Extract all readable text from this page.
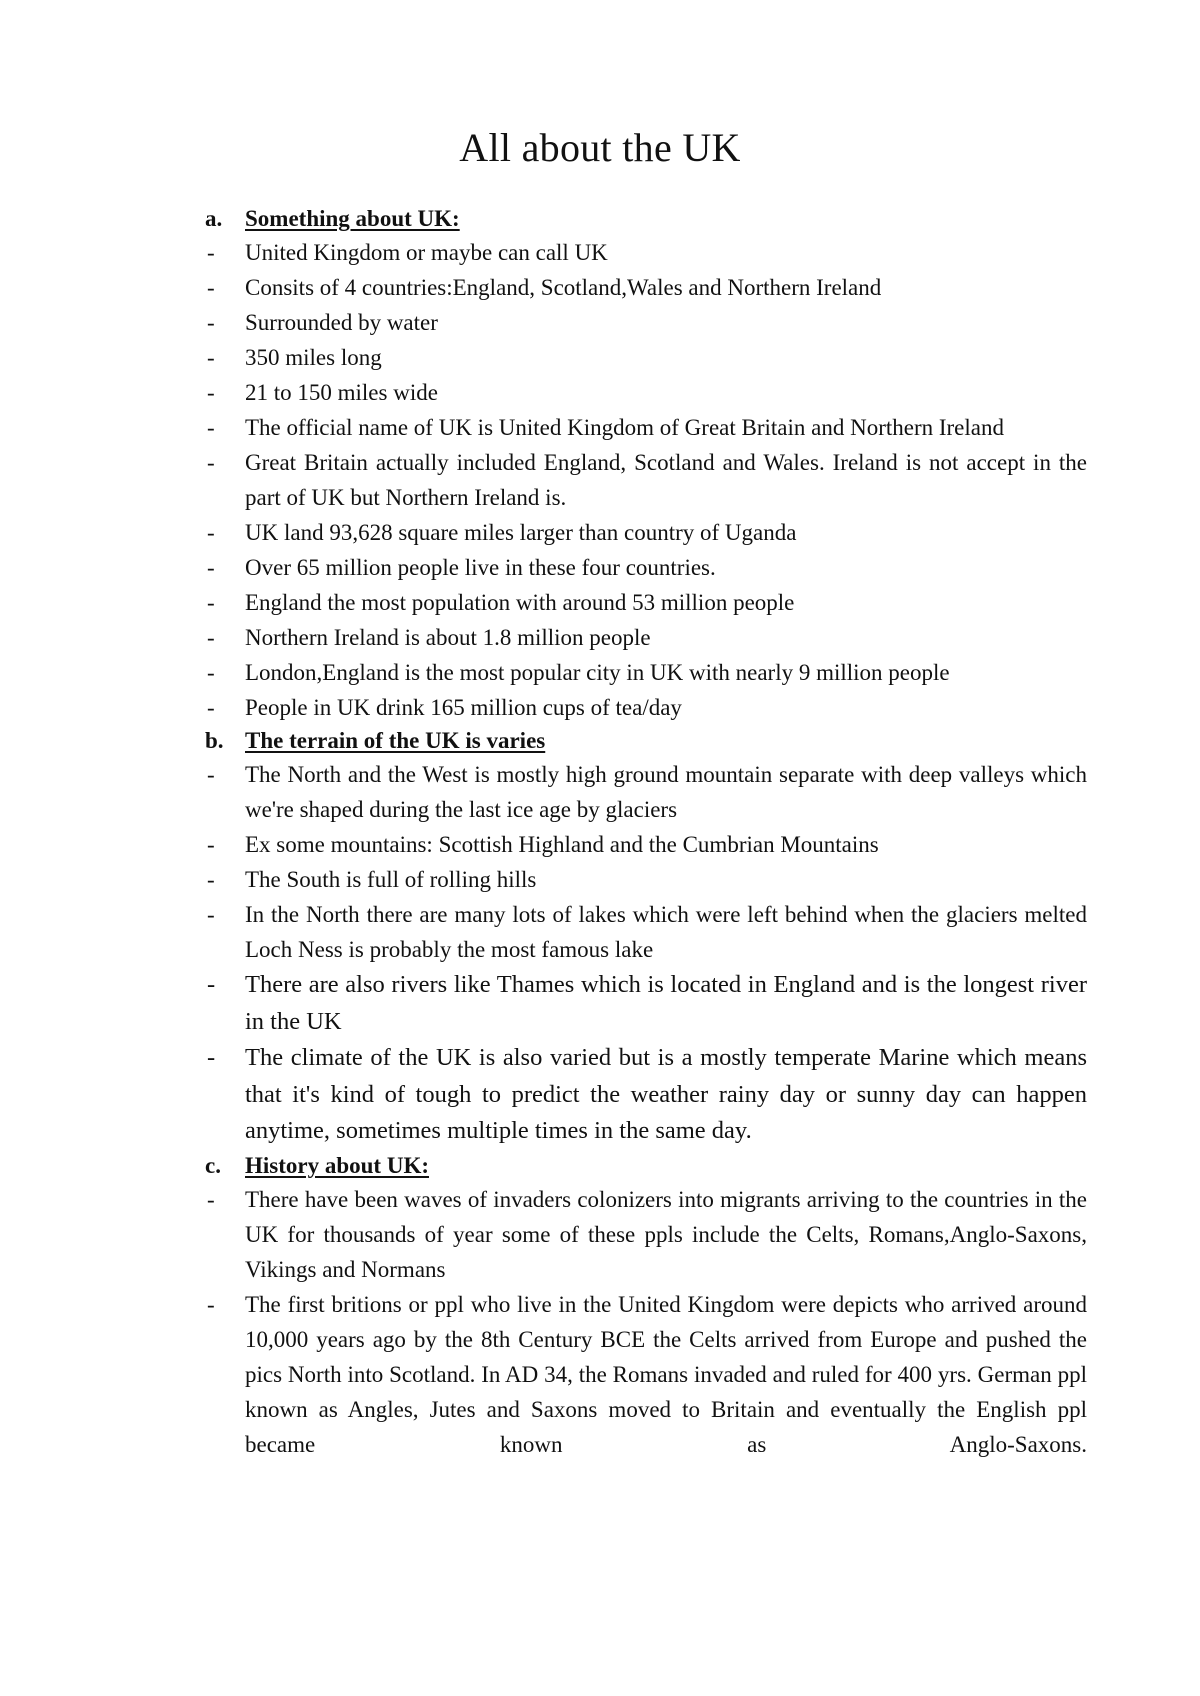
All about the UK
a. Something about UK:
- United Kingdom or maybe can call UK
- Consits of 4 countries:England, Scotland,Wales and Northern Ireland
- Surrounded by water
- 350 miles long
- 21 to 150 miles wide
- The official name of UK is United Kingdom of Great Britain and Northern Ireland
- Great Britain actually included England, Scotland and Wales. Ireland is not accept in the part of UK but Northern Ireland is.
- UK land 93,628 square miles larger than country of Uganda
- Over 65 million people live in these four countries.
- England the most population with around 53 million people
- Northern Ireland is about 1.8 million people
- London,England is the most popular city in UK with nearly 9 million people
- People in UK drink 165 million cups of tea/day
b. The terrain of the UK is varies
- The North and the West is mostly high ground mountain separate with deep valleys which we're shaped during the last ice age by glaciers
- Ex some mountains: Scottish Highland and the Cumbrian Mountains
- The South is full of rolling hills
- In the North there are many lots of lakes which were left behind when the glaciers melted Loch Ness is probably the most famous lake
- There are also rivers like Thames which is located in England and is the longest river in the UK
- The climate of the UK is also varied but is a mostly temperate Marine which means that it's kind of tough to predict the weather rainy day or sunny day can happen anytime, sometimes multiple times in the same day.
c. History about UK:
- There have been waves of invaders colonizers into migrants arriving to the countries in the UK for thousands of year some of these ppls include the Celts, Romans,Anglo-Saxons, Vikings and Normans
- The first britions or ppl who live in the United Kingdom were depicts who arrived around 10,000 years ago by the 8th Century BCE the Celts arrived from Europe and pushed the pics North into Scotland. In AD 34, the Romans invaded and ruled for 400 yrs. German ppl known as Angles, Jutes and Saxons moved to Britain and eventually the English ppl became known as Anglo-Saxons.
